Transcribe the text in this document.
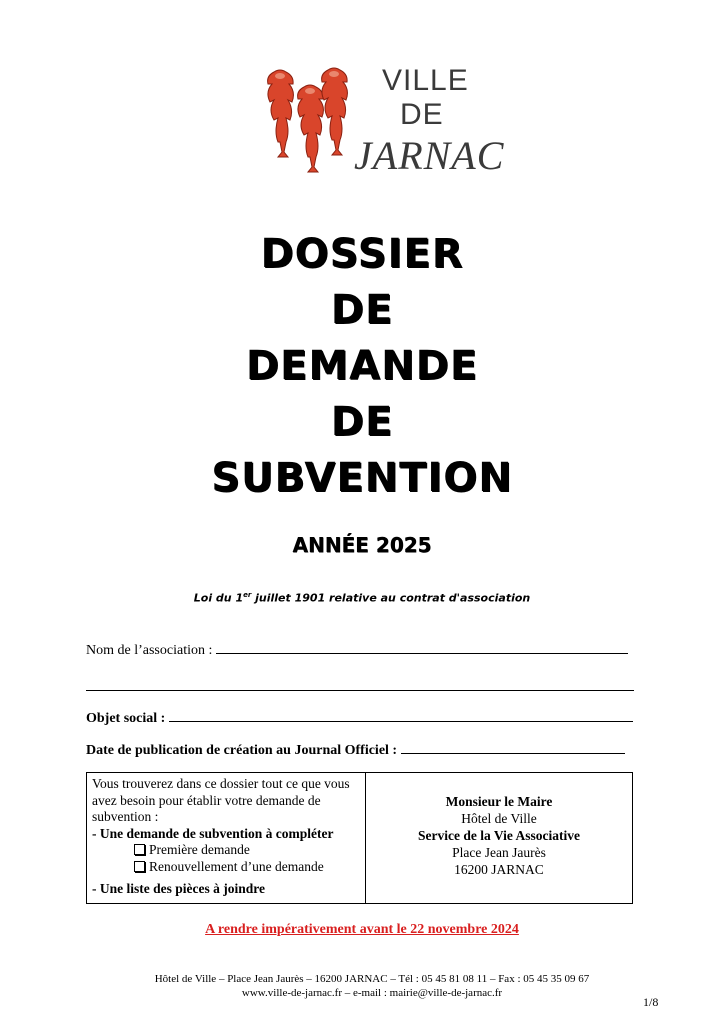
VILLE
DE
JARNAC
DOSSIER
DE
DEMANDE
DE
SUBVENTION
ANNÉE 2025
Loi du 1er juillet 1901 relative au contrat d'association
Nom de l’association :
Objet social :
Date de publication de création au Journal Officiel :
Vous trouverez dans ce dossier tout ce que vous avez besoin pour établir votre demande de subvention :
- Une demande de subvention à compléter
Première demande
Renouvellement d’une demande
- Une liste des pièces à joindre
Monsieur le Maire
Hôtel de Ville
Service de la Vie Associative
Place Jean Jaurès
16200 JARNAC
A rendre impérativement avant le 22 novembre 2024
Hôtel de Ville – Place Jean Jaurès – 16200 JARNAC – Tél : 05 45 81 08 11 – Fax : 05 45 35 09 67
www.ville-de-jarnac.fr – e-mail : mairie@ville-de-jarnac.fr
1/8
